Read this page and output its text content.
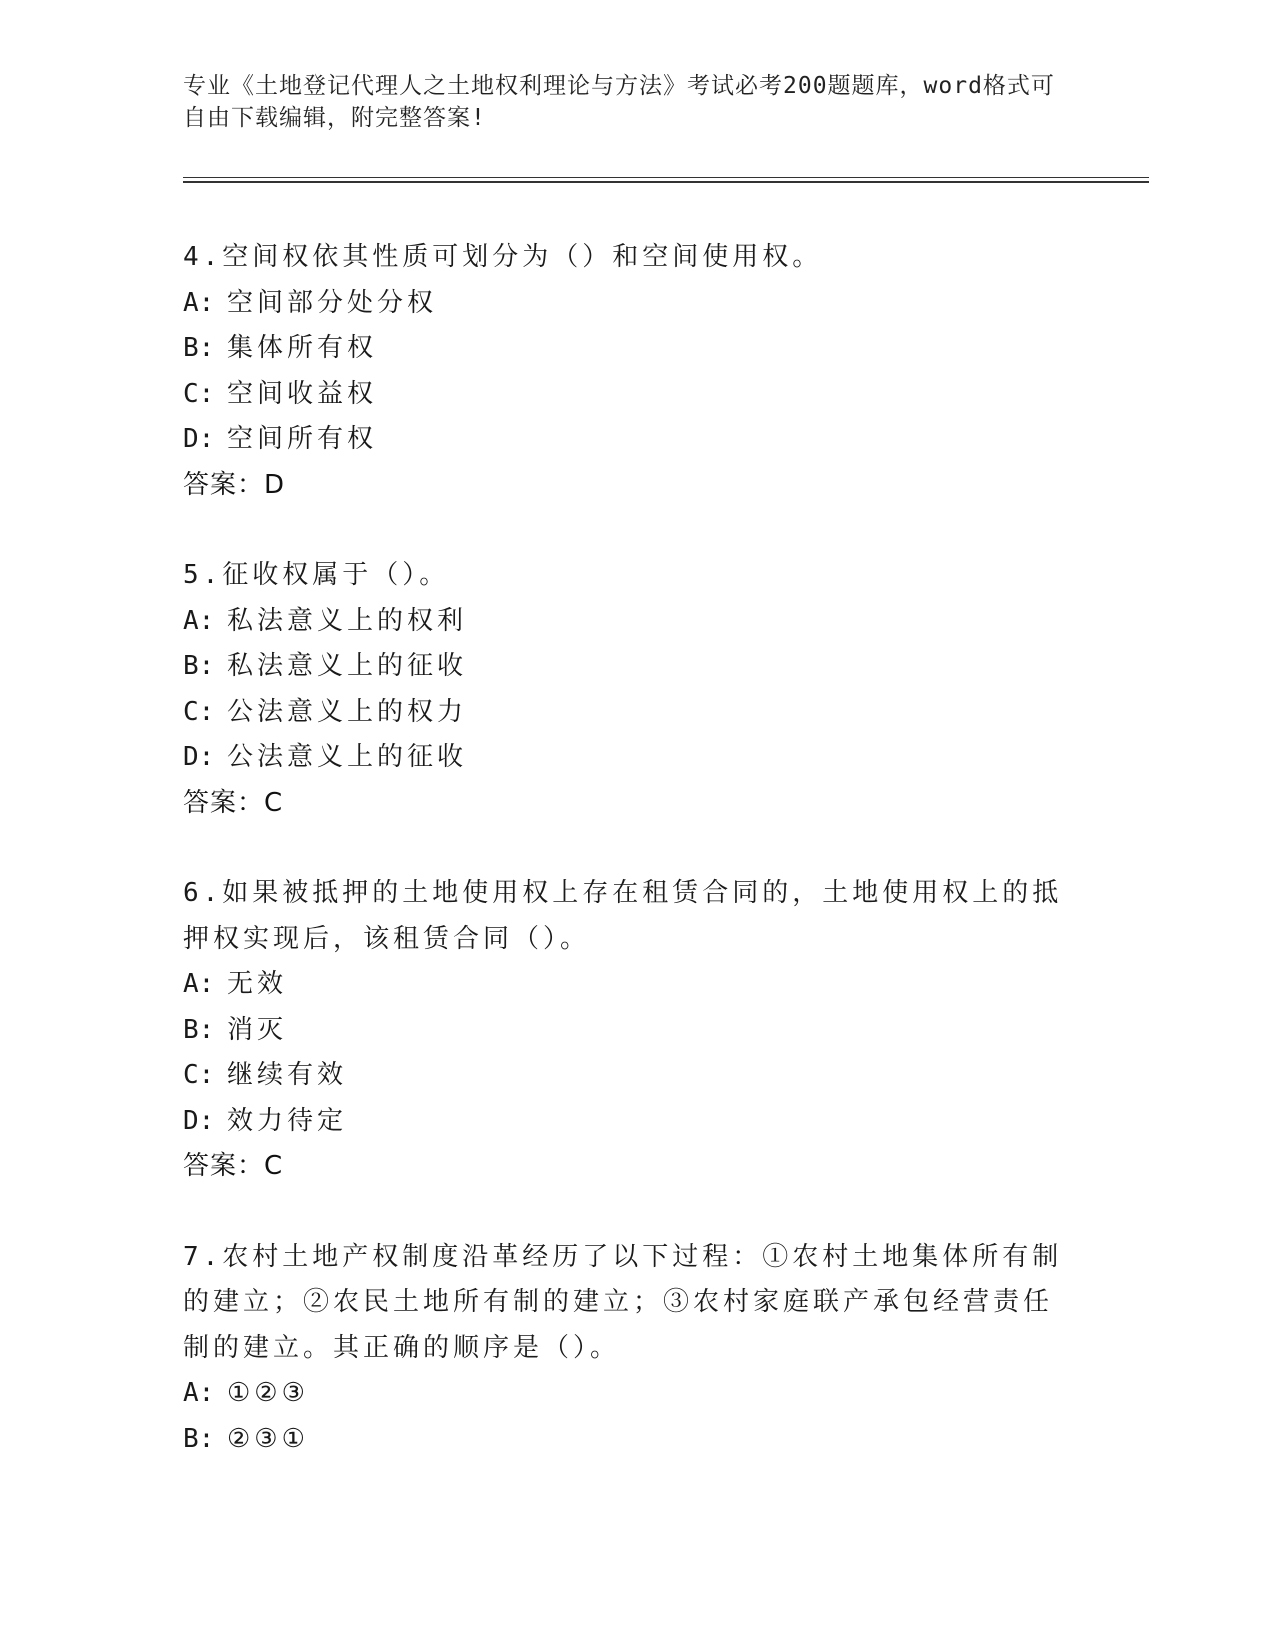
专业《土地登记代理人之土地权利理论与方法》考试必考200题题库，word格式可自由下载编辑，附完整答案!
4.空间权依其性质可划分为（）和空间使用权。
A: 空间部分处分权
B: 集体所有权
C: 空间收益权
D: 空间所有权
答案：D
5.征收权属于（）。
A: 私法意义上的权利
B: 私法意义上的征收
C: 公法意义上的权力
D: 公法意义上的征收
答案：C
6.如果被抵押的土地使用权上存在租赁合同的，土地使用权上的抵押权实现后，该租赁合同（）。
A: 无效
B: 消灭
C: 继续有效
D: 效力待定
答案：C
7.农村土地产权制度沿革经历了以下过程：①农村土地集体所有制的建立；②农民土地所有制的建立；③农村家庭联产承包经营责任制的建立。其正确的顺序是（）。
A: ①②③
B: ②③①
